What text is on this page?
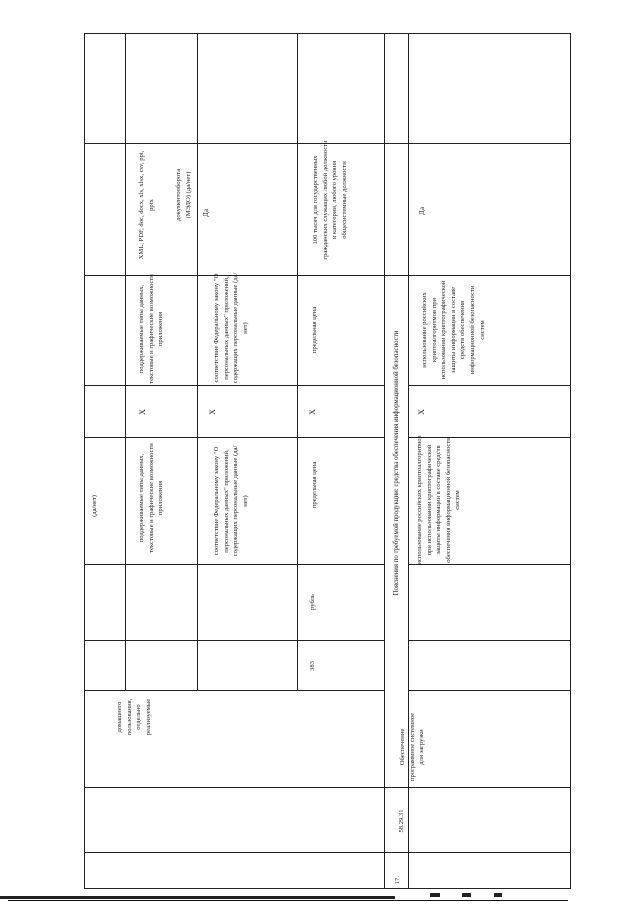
документооборота (МЭДО) (да/нет)
(да/нет)
домашнего пользования, отдельно реализуемые
XML, PDF, doc, docx, xls, xlsx, csv, ppt, pptx
поддерживаемые типы данных, текстовые и графические возможности приложения
X
поддерживаемые типы данных, текстовые и графические возможности приложения
Да
соответствие Федеральному закону "О персональных данных" приложений, содержащих персональные данные (да/нет)
X
соответствие Федеральному закону "О персональных данных" приложений, содержащих персональные данные (да/нет)
100 тысяч для государственных гражданских служащих любой должности и категории, любого уровня общесистемные должности
предельная цена
X
предельная цена
рубль
383
Пояснения по требуемой продукции: средства обеспечения информационной безопасности
Да
использование российских криптоалгоритмов при использовании криптографической защиты информации в составе средств обеспечения информационной безопасности систем
X
использование российских криптоалгоритмов при использовании криптографической защиты информации в составе средств обеспечения информационной безопасности систем
Обеспечение программное системное для загрузки
58.29.31
17.
